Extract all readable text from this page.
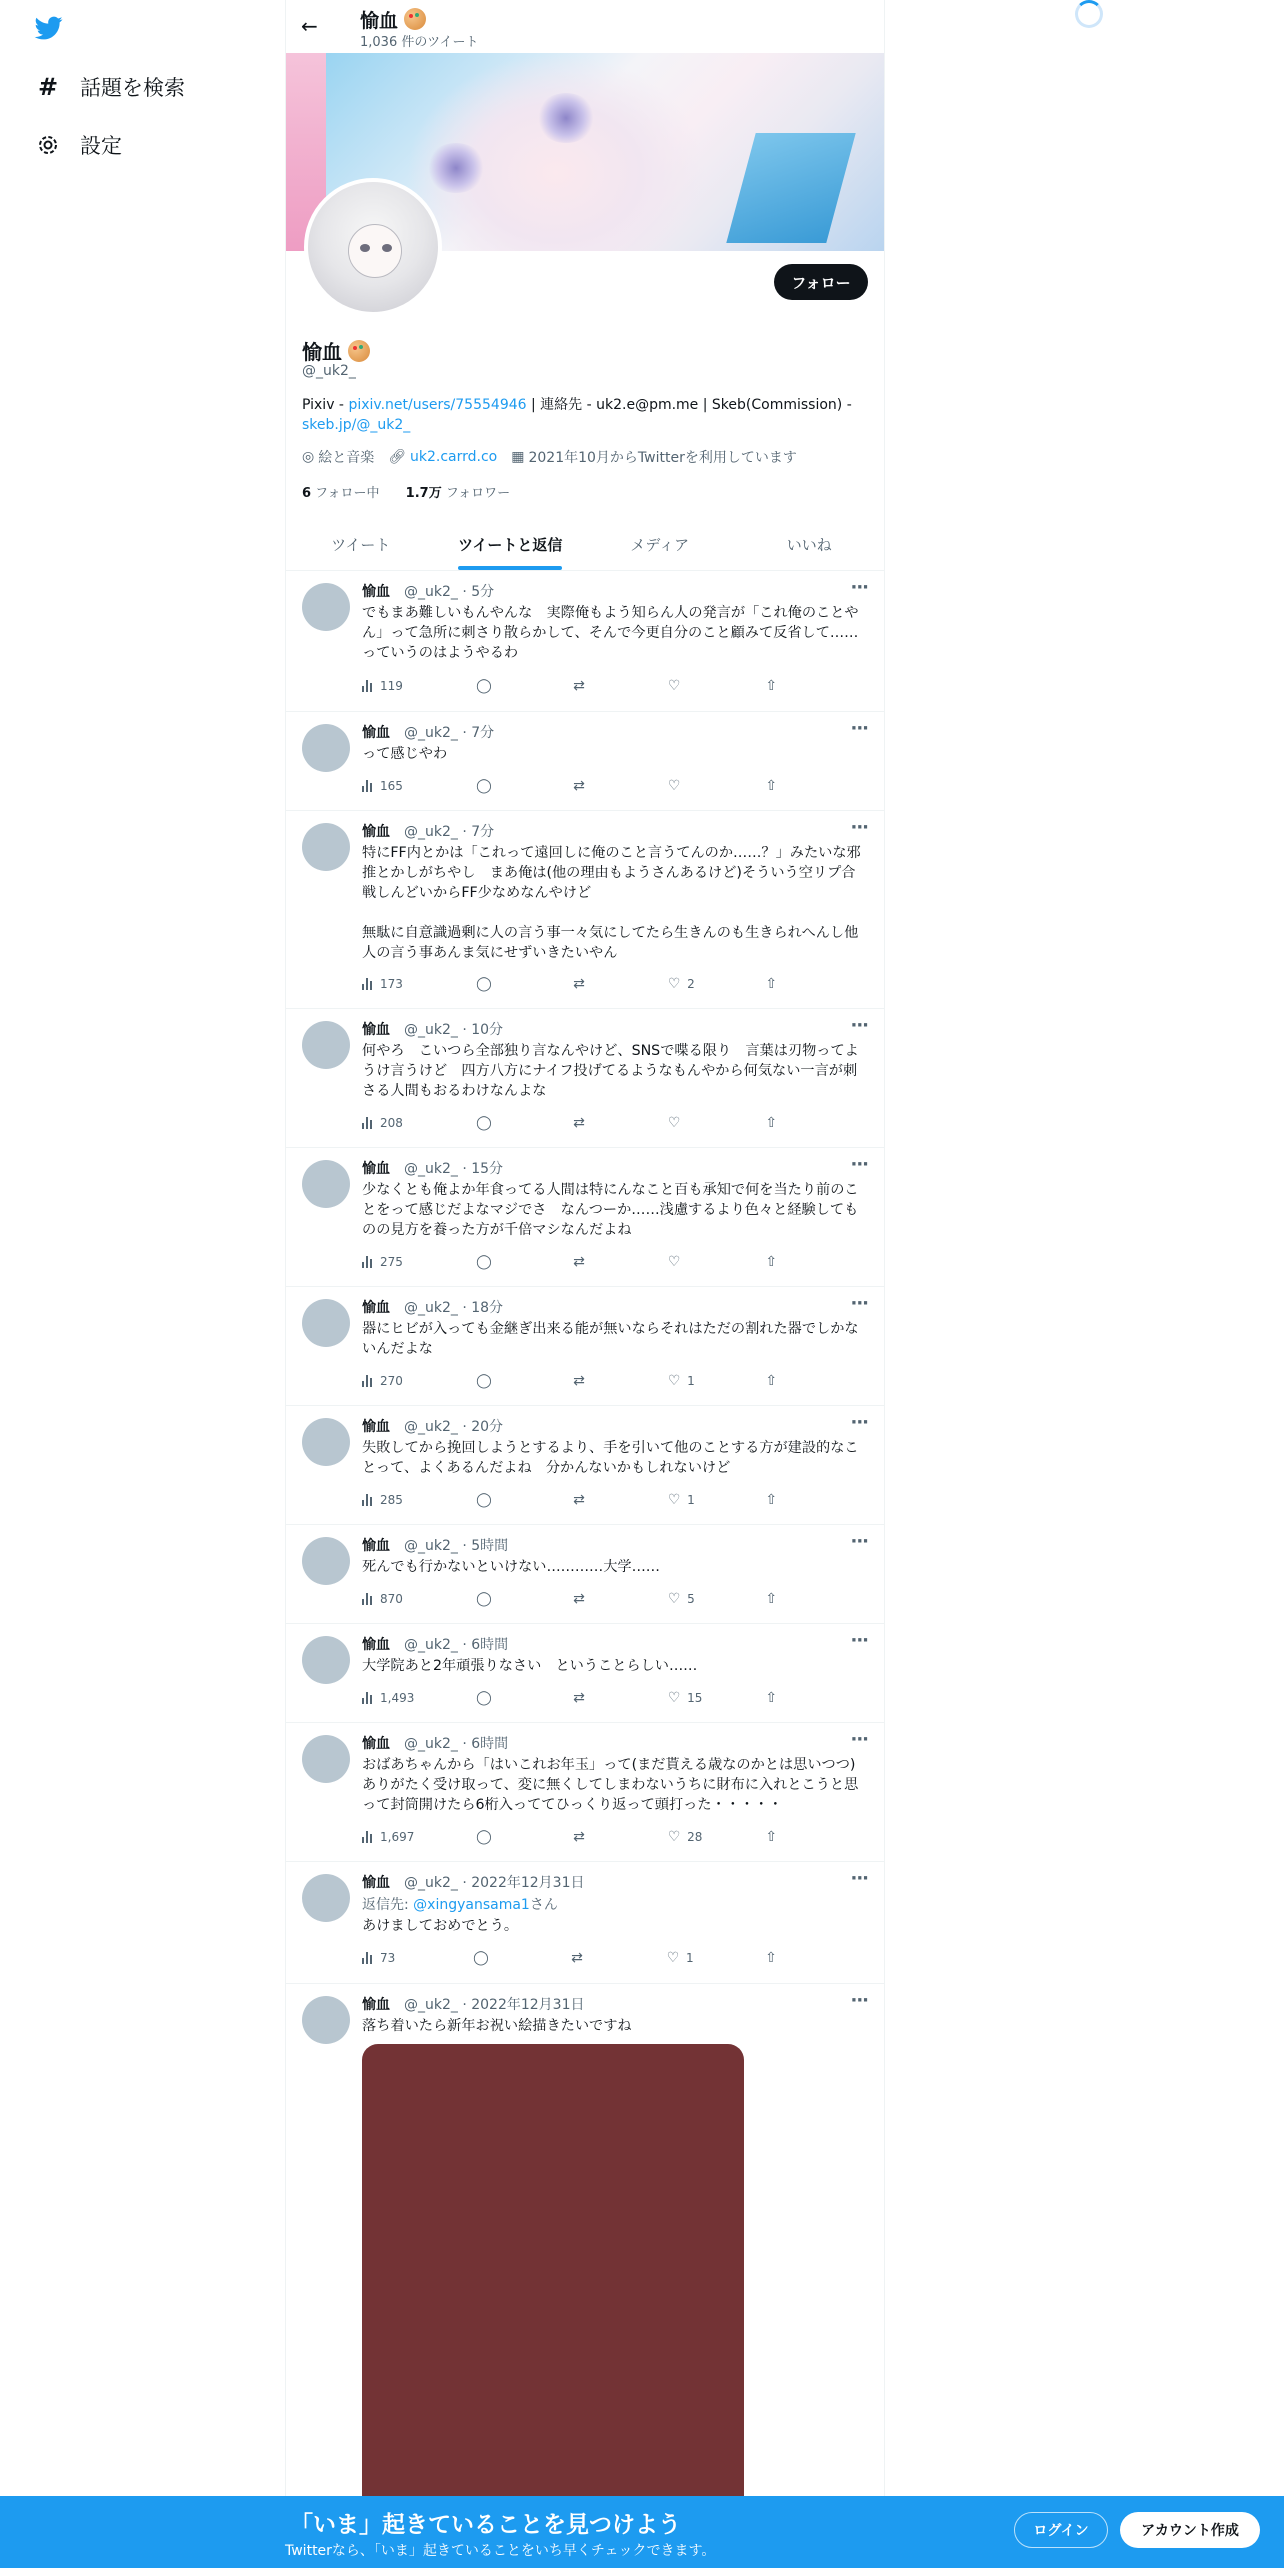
# 話題を検索
設定
← 愉血
1,036 件のツイート
フォロー
愉血
@_uk2_
Pixiv - pixiv.net/users/75554946 | 連絡先 - uk2.e@pm.me | Skeb(Commission) - skeb.jp/@_uk2_
◎ 絵と音楽 🔗︎ uk2.carrd.co ▦ 2021年10月からTwitterを利用しています
6 フォロー中 1.7万 フォロワー
ツイート	ツイートと返信	メディア	いいね
愉血 @_uk2_ · 5分	···
でもまあ難しいもんやんな　実際俺もよう知らん人の発言が「これ俺のことやん」って急所に刺さり散らかして、そんで今更自分のこと顧みて反省して……っていうのはようやるわ
119	◯	⇄	♡	⇧
愉血 @_uk2_ · 7分	···
って感じやわ
165	◯	⇄	♡	⇧
愉血 @_uk2_ · 7分	···
特にFF内とかは「これって遠回しに俺のこと言うてんのか……？」みたいな邪推とかしがちやし　まあ俺は(他の理由もようさんあるけど)そういう空リプ合戦しんどいからFF少なめなんやけど

無駄に自意識過剰に人の言う事一々気にしてたら生きんのも生きられへんし他人の言う事あんま気にせずいきたいやん
173	◯	⇄	♡ 2	⇧
愉血 @_uk2_ · 10分	···
何やろ　こいつら全部独り言なんやけど、SNSで喋る限り　言葉は刃物ってようけ言うけど　四方八方にナイフ投げてるようなもんやから何気ない一言が刺さる人間もおるわけなんよな
208	◯	⇄	♡	⇧
愉血 @_uk2_ · 15分	···
少なくとも俺よか年食ってる人間は特にんなこと百も承知で何を当たり前のことをって感じだよなマジでさ　なんつーか……浅慮するより色々と経験してものの見方を養った方が千倍マシなんだよね
275	◯	⇄	♡	⇧
愉血 @_uk2_ · 18分	···
器にヒビが入っても金継ぎ出来る能が無いならそれはただの割れた器でしかないんだよな
270	◯	⇄	♡ 1	⇧
愉血 @_uk2_ · 20分	···
失敗してから挽回しようとするより、手を引いて他のことする方が建設的なことって、よくあるんだよね　分かんないかもしれないけど
285	◯	⇄	♡ 1	⇧
愉血 @_uk2_ · 5時間	···
死んでも行かないといけない…………大学……
870	◯	⇄	♡ 5	⇧
愉血 @_uk2_ · 6時間	···
大学院あと2年頑張りなさい　ということらしい……
1,493	◯	⇄	♡ 15	⇧
愉血 @_uk2_ · 6時間	···
おばあちゃんから「はいこれお年玉」って(まだ貰える歳なのかとは思いつつ)ありがたく受け取って、変に無くしてしまわないうちに財布に入れとこうと思って封筒開けたら6桁入っててひっくり返って頭打った・・・・・
1,697	◯	⇄	♡ 28	⇧
愉血 @_uk2_ · 2022年12月31日	···
返信先: @xingyansama1さん
あけましておめでとう。
73	◯	⇄	♡ 1	⇧
愉血 @_uk2_ · 2022年12月31日	···
落ち着いたら新年お祝い絵描きたいですね
「いま」起きていることを見つけよう
Twitterなら、「いま」起きていることをいち早くチェックできます。
ログイン	アカウント作成
